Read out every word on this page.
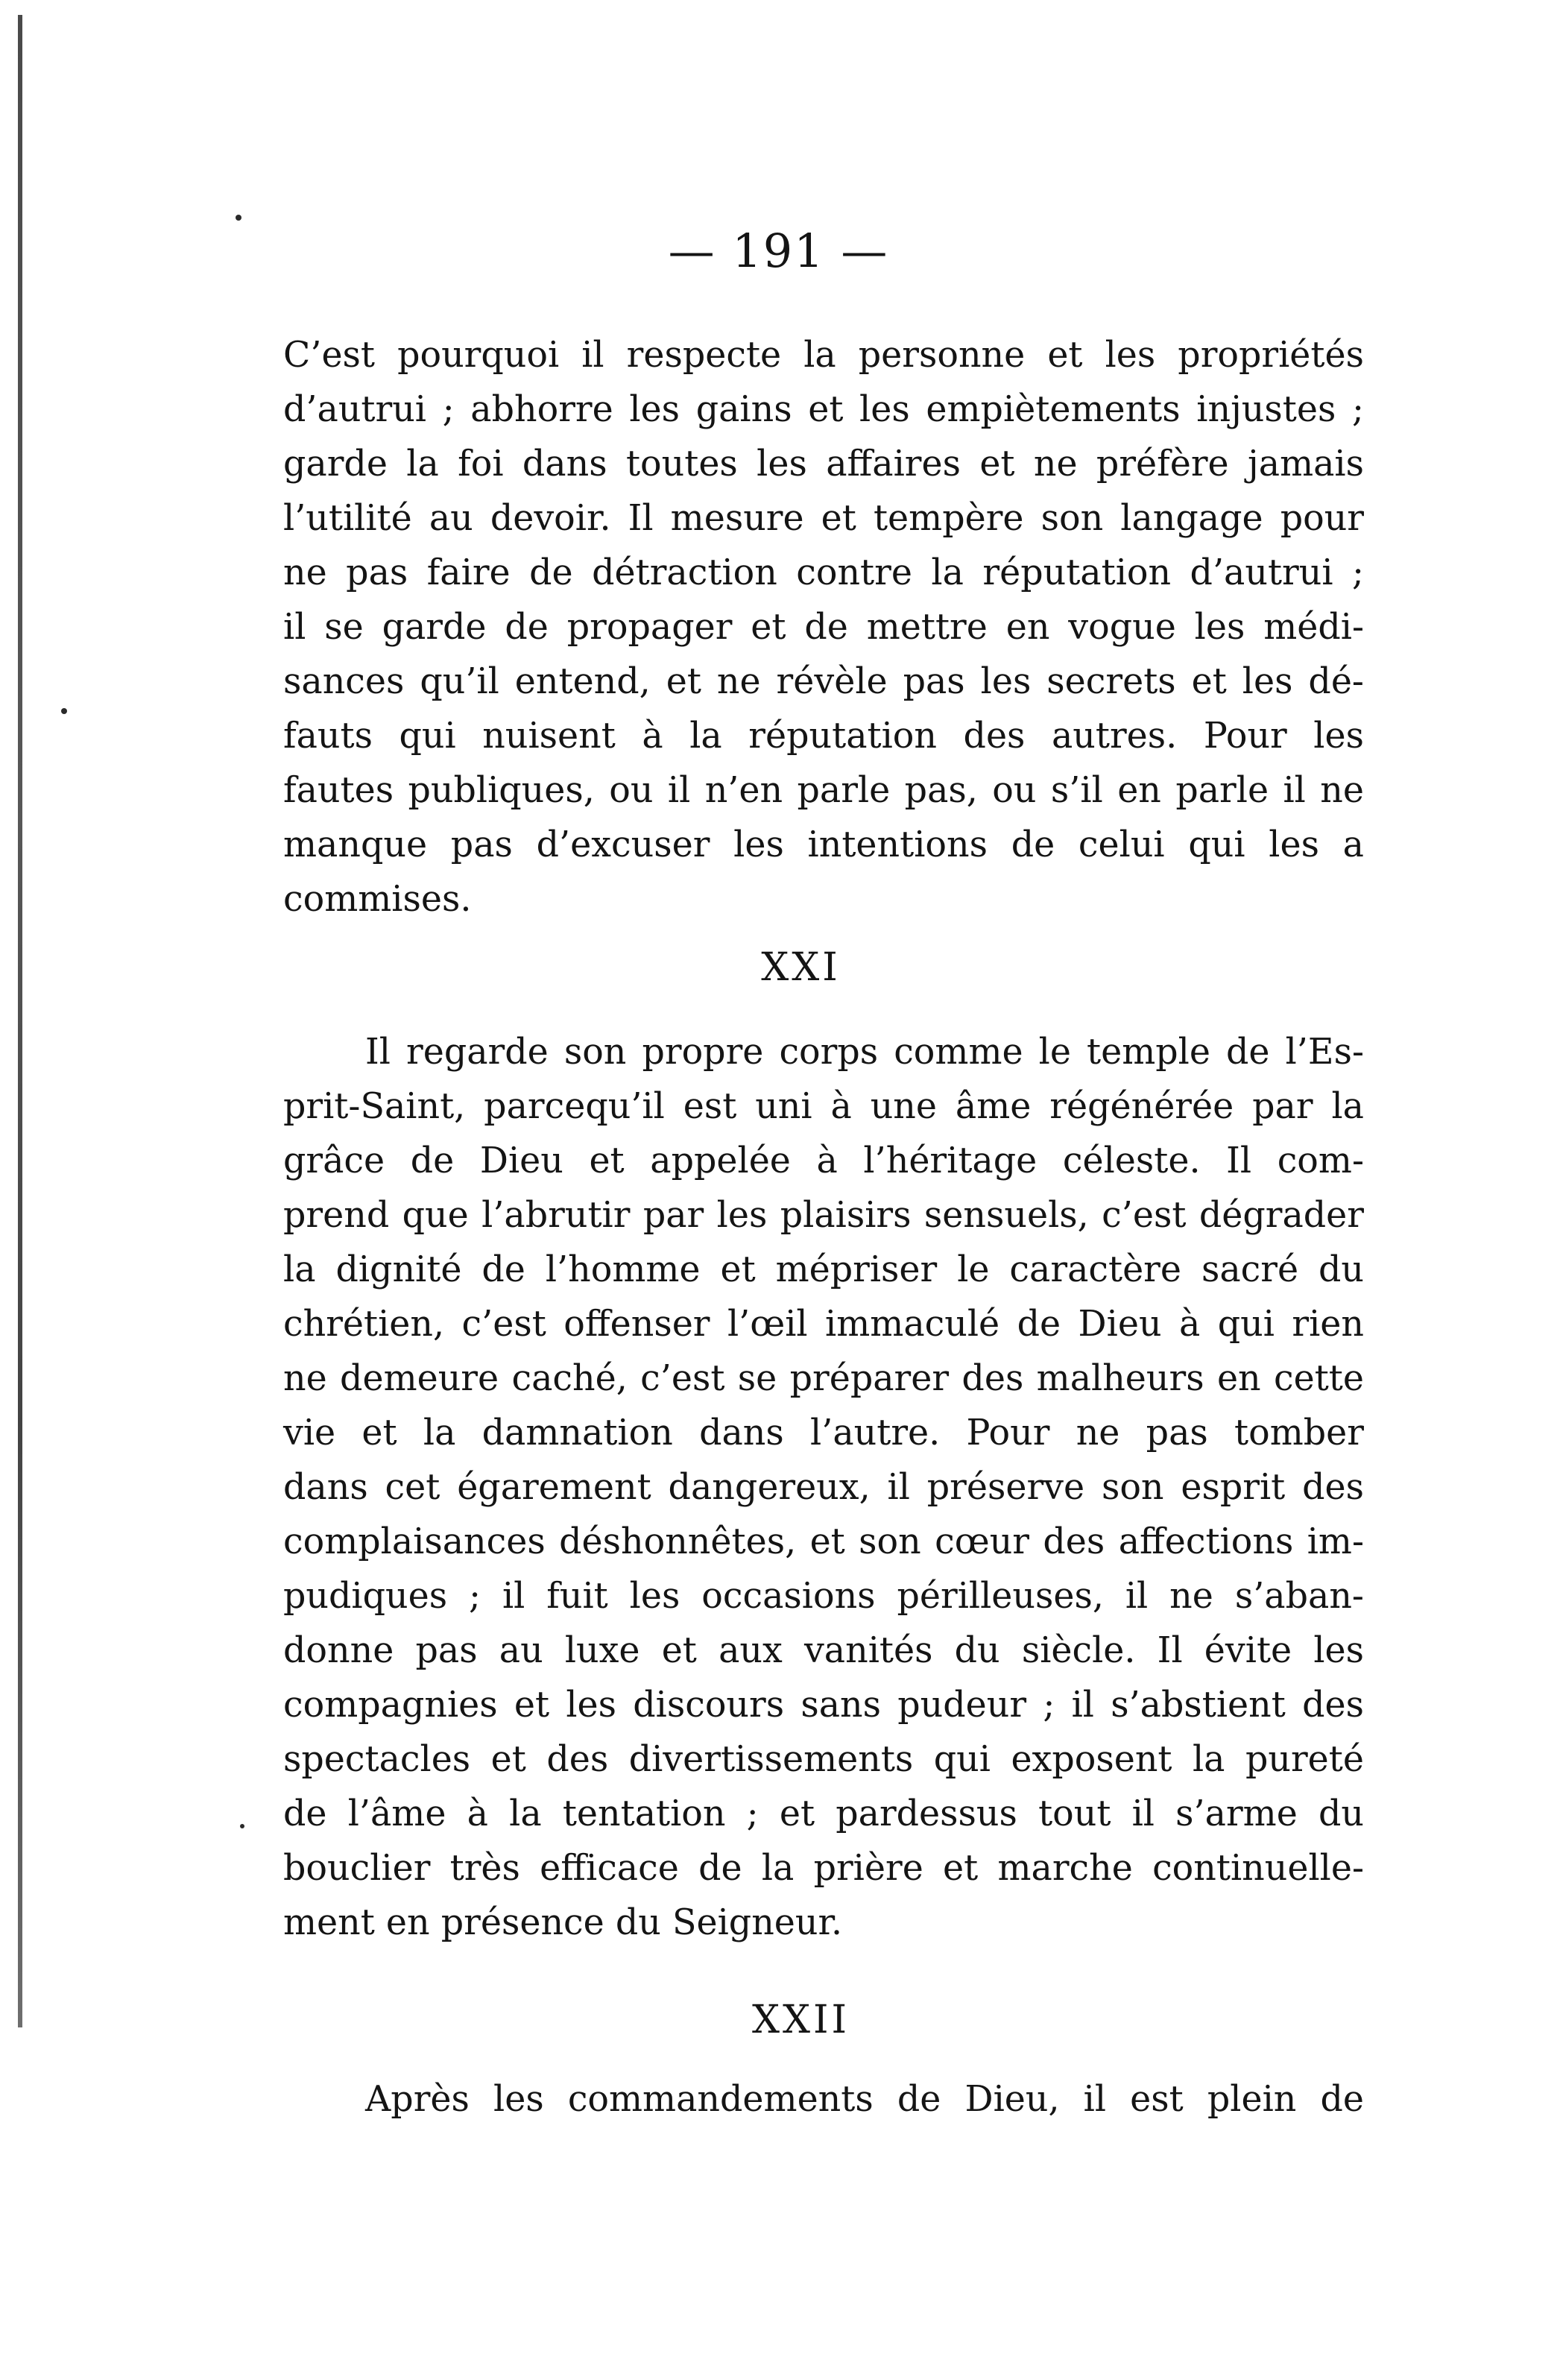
— 191 —
C’est pourquoi il respecte la personne et les propriétés
d’autrui ; abhorre les gains et les empiètements injustes ;
garde la foi dans toutes les affaires et ne préfère jamais
l’utilité au devoir. Il mesure et tempère son langage pour
ne pas faire de détraction contre la réputation d’autrui ;
il se garde de propager et de mettre en vogue les médi-
sances qu’il entend, et ne révèle pas les secrets et les dé-
fauts qui nuisent à la réputation des autres. Pour les
fautes publiques, ou il n’en parle pas, ou s’il en parle il ne
manque pas d’excuser les intentions de celui qui les a
commises.
XXI
Il regarde son propre corps comme le temple de l’Es-
prit-Saint, parcequ’il est uni à une âme régénérée par la
grâce de Dieu et appelée à l’héritage céleste. Il com-
prend que l’abrutir par les plaisirs sensuels, c’est dégrader
la dignité de l’homme et mépriser le caractère sacré du
chrétien, c’est offenser l’œil immaculé de Dieu à qui rien
ne demeure caché, c’est se préparer des malheurs en cette
vie et la damnation dans l’autre. Pour ne pas tomber
dans cet égarement dangereux, il préserve son esprit des
complaisances déshonnêtes, et son cœur des affections im-
pudiques ; il fuit les occasions périlleuses, il ne s’aban-
donne pas au luxe et aux vanités du siècle. Il évite les
compagnies et les discours sans pudeur ; il s’abstient des
spectacles et des divertissements qui exposent la pureté
de l’âme à la tentation ; et pardessus tout il s’arme du
bouclier très efficace de la prière et marche continuelle-
ment en présence du Seigneur.
XXII
Après les commandements de Dieu, il est plein de
